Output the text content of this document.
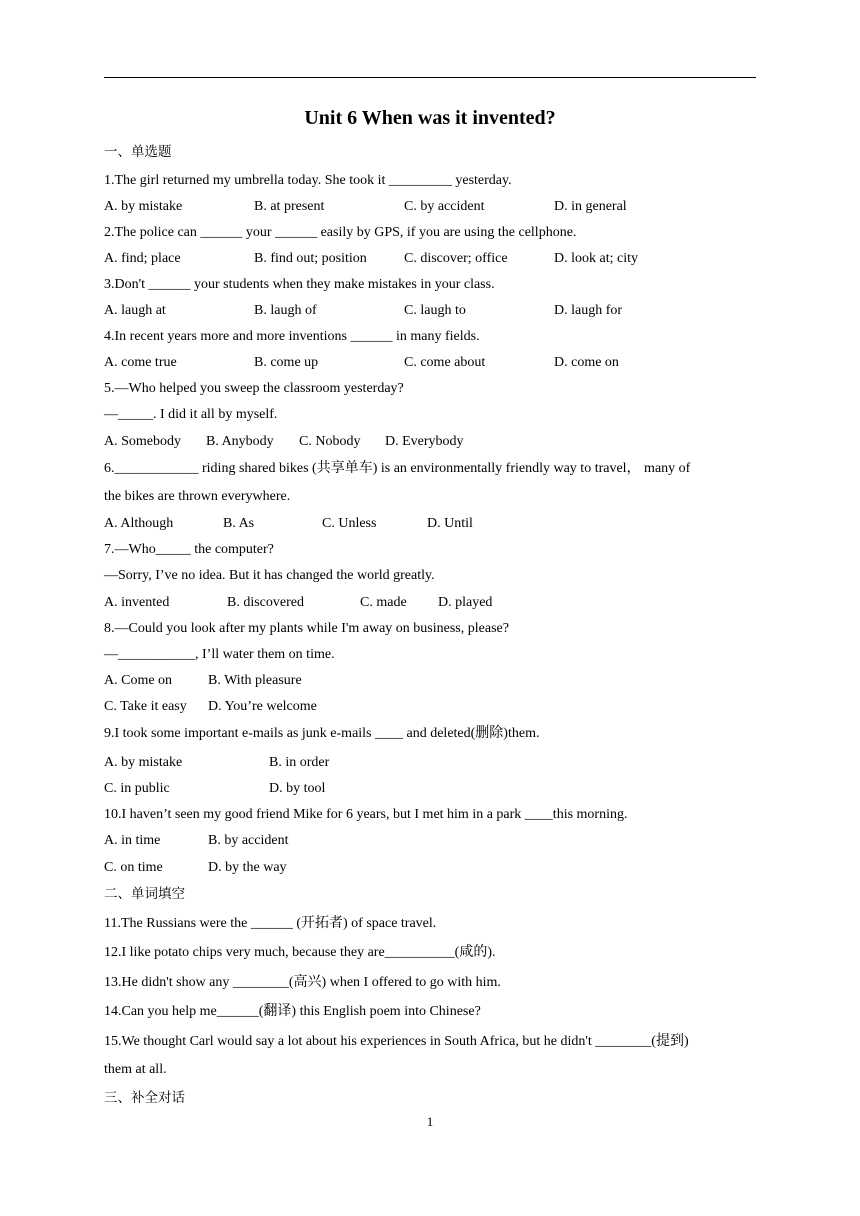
Unit 6 When was it invented?
一、单选题
1.The girl returned my umbrella today. She took it _________ yesterday.
A. by mistake	B. at present	C. by accident	D. in general
2.The police can ______ your ______ easily by GPS, if you are using the cellphone.
A. find; place	B. find out; position	C. discover; office	D. look at; city
3.Don't ______ your students when they make mistakes in your class.
A. laugh at	B. laugh of	C. laugh to	D. laugh for
4.In recent years more and more inventions ______ in many fields.
A. come true	B. come up	C. come about	D. come on
5.—Who helped you sweep the classroom yesterday?
—_____. I did it all by myself.
A. Somebody B. Anybody C. Nobody D. Everybody
6.____________ riding shared bikes (共享单车) is an environmentally friendly way to travel， many of
the bikes are thrown everywhere.
A. Although	B. As	C. Unless	D. Until
7.—Who_____ the computer?
—Sorry, I’ve no idea. But it has changed the world greatly.
A. invented	B. discovered	C. made D. played
8.—Could you look after my plants while I'm away on business, please?
—___________, I’ll water them on time.
A. Come on	B. With pleasure
C. Take it easy D. You’re welcome
9.I took some important e-mails as junk e-mails ____ and deleted(删除)them.
A. by mistake	B. in order
C. in public	D. by tool
10.I haven’t seen my good friend Mike for 6 years, but I met him in a park ____this morning.
A. in time	B. by accident
C. on time	D. by the way
二、单词填空
11.The Russians were the ______ (开拓者) of space travel.
12.I like potato chips very much, because they are__________(咸的).
13.He didn't show any ________(高兴) when I offered to go with him.
14.Can you help me______(翻译) this English poem into Chinese?
15.We thought Carl would say a lot about his experiences in South Africa, but he didn't ________(提到)
them at all.
三、补全对话
1
